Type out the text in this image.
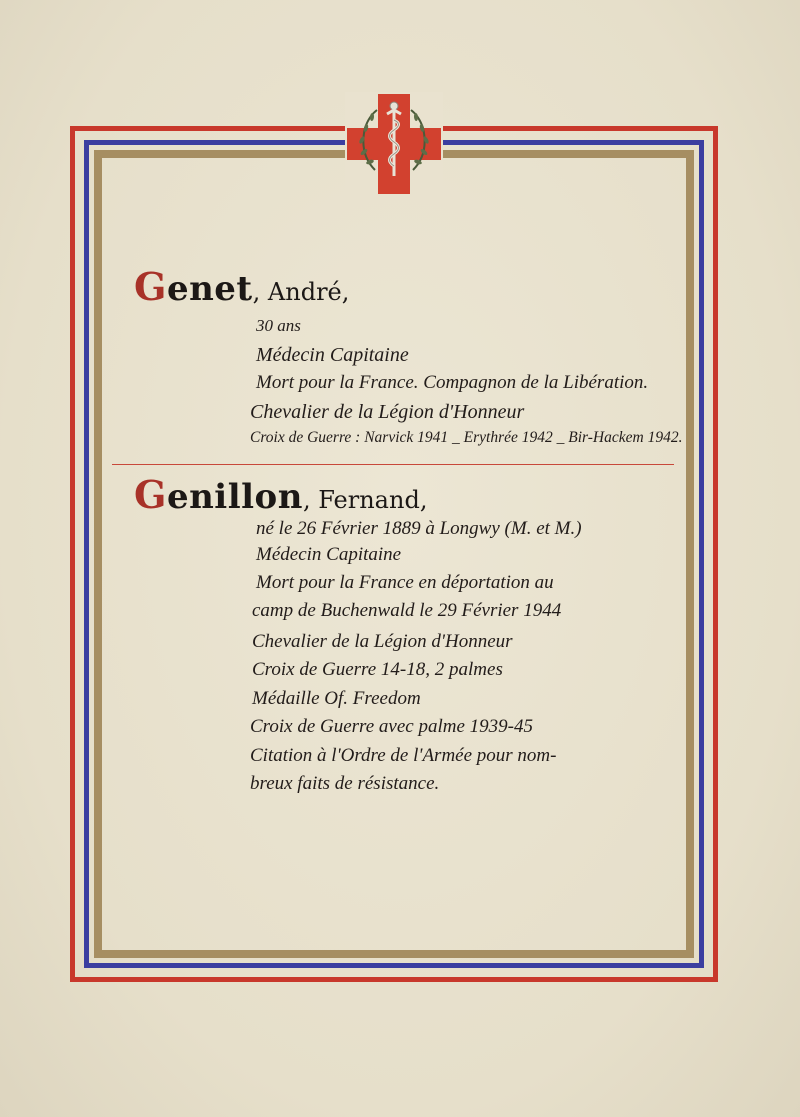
Genet, André,
30 ans
Médecin Capitaine
Mort pour la France. Compagnon de la Libération.
Chevalier de la Légion d'Honneur
Croix de Guerre : Narvick 1941 _ Erythrée 1942 _ Bir-Hackem 1942.
Genillon, Fernand,
né le 26 Février 1889 à Longwy (M. et M.)
Médecin Capitaine
Mort pour la France en déportation au
camp de Buchenwald le 29 Février 1944
Chevalier de la Légion d'Honneur
Croix de Guerre 14-18, 2 palmes
Médaille Of. Freedom
Croix de Guerre avec palme 1939-45
Citation à l'Ordre de l'Armée pour nom-
breux faits de résistance.
